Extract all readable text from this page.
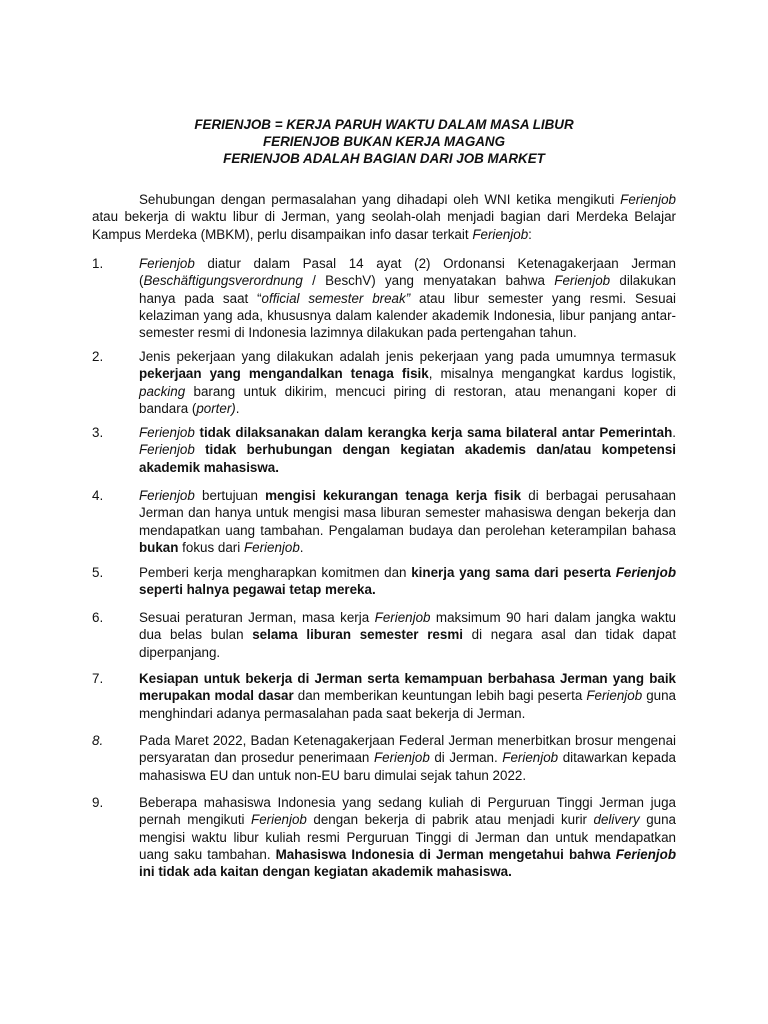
FERIENJOB = KERJA PARUH WAKTU DALAM MASA LIBUR
FERIENJOB BUKAN KERJA MAGANG
FERIENJOB ADALAH BAGIAN DARI JOB MARKET

Sehubungan dengan permasalahan yang dihadapi oleh WNI ketika mengikuti Ferienjob atau bekerja di waktu libur di Jerman, yang seolah-olah menjadi bagian dari Merdeka Belajar Kampus Merdeka (MBKM), perlu disampaikan info dasar terkait Ferienjob:

1.	Ferienjob diatur dalam Pasal 14 ayat (2) Ordonansi Ketenagakerjaan Jerman (Beschäftigungsverordnung / BeschV) yang menyatakan bahwa Ferienjob dilakukan hanya pada saat “official semester break” atau libur semester yang resmi. Sesuai kelaziman yang ada, khususnya dalam kalender akademik Indonesia, libur panjang antar-semester resmi di Indonesia lazimnya dilakukan pada pertengahan tahun.
2.	Jenis pekerjaan yang dilakukan adalah jenis pekerjaan yang pada umumnya termasuk pekerjaan yang mengandalkan tenaga fisik, misalnya mengangkat kardus logistik, packing barang untuk dikirim, mencuci piring di restoran, atau menangani koper di bandara (porter).
3.	Ferienjob tidak dilaksanakan dalam kerangka kerja sama bilateral antar Pemerintah. Ferienjob tidak berhubungan dengan kegiatan akademis dan/atau kompetensi akademik mahasiswa.
4.	Ferienjob bertujuan mengisi kekurangan tenaga kerja fisik di berbagai perusahaan Jerman dan hanya untuk mengisi masa liburan semester mahasiswa dengan bekerja dan mendapatkan uang tambahan. Pengalaman budaya dan perolehan keterampilan bahasa bukan fokus dari Ferienjob.
5.	Pemberi kerja mengharapkan komitmen dan kinerja yang sama dari peserta Ferienjob seperti halnya pegawai tetap mereka.
6.	Sesuai peraturan Jerman, masa kerja Ferienjob maksimum 90 hari dalam jangka waktu dua belas bulan selama liburan semester resmi di negara asal dan tidak dapat diperpanjang.
7.	Kesiapan untuk bekerja di Jerman serta kemampuan berbahasa Jerman yang baik merupakan modal dasar dan memberikan keuntungan lebih bagi peserta Ferienjob guna menghindari adanya permasalahan pada saat bekerja di Jerman.
8.	Pada Maret 2022, Badan Ketenagakerjaan Federal Jerman menerbitkan brosur mengenai persyaratan dan prosedur penerimaan Ferienjob di Jerman. Ferienjob ditawarkan kepada mahasiswa EU dan untuk non-EU baru dimulai sejak tahun 2022.
9.	Beberapa mahasiswa Indonesia yang sedang kuliah di Perguruan Tinggi Jerman juga pernah mengikuti Ferienjob dengan bekerja di pabrik atau menjadi kurir delivery guna mengisi waktu libur kuliah resmi Perguruan Tinggi di Jerman dan untuk mendapatkan uang saku tambahan. Mahasiswa Indonesia di Jerman mengetahui bahwa Ferienjob ini tidak ada kaitan dengan kegiatan akademik mahasiswa.
